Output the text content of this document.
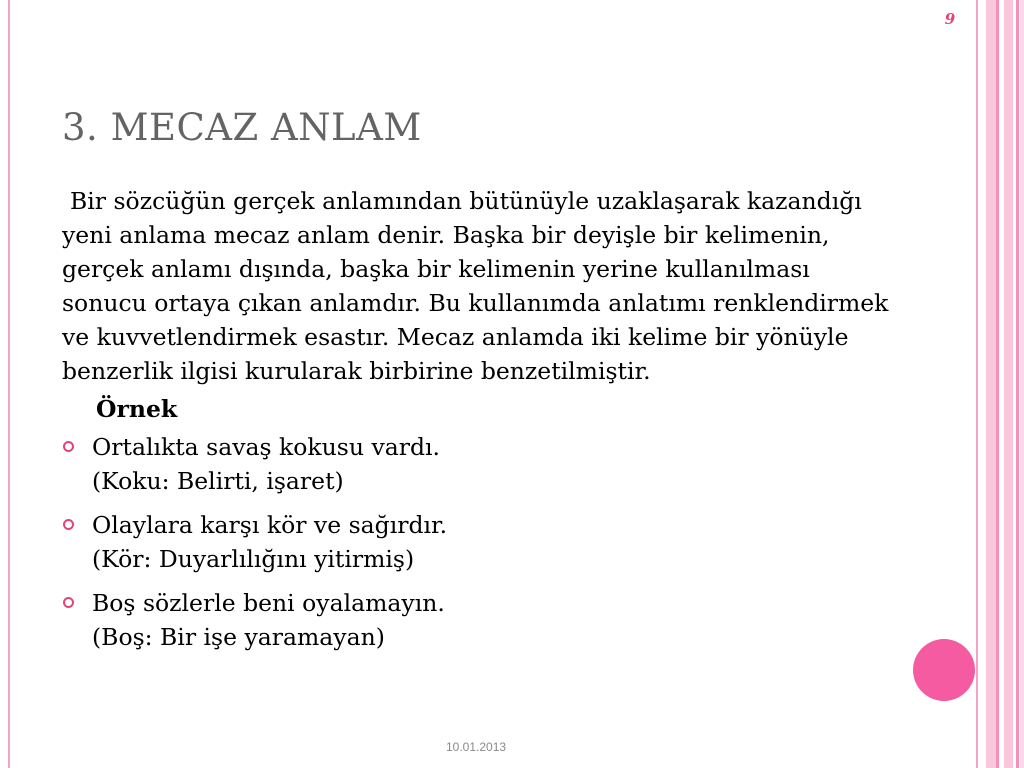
9
3. MECAZ ANLAM

Bir sözcüğün gerçek anlamından bütünüyle uzaklaşarak kazandığı yeni anlama mecaz anlam denir. Başka bir deyişle bir kelimenin, gerçek anlamı dışında, başka bir kelimenin yerine kullanılması sonucu ortaya çıkan anlamdır. Bu kullanımda anlatımı renklendirmek ve kuvvetlendirmek esastır. Mecaz anlamda iki kelime bir yönüyle benzerlik ilgisi kurularak birbirine benzetilmiştir.

Örnek

Ortalıkta savaş kokusu vardı.
(Koku: Belirti, işaret)
Olaylara karşı kör ve sağırdır.
(Kör: Duyarlılığını yitirmiş)
Boş sözlerle beni oyalamayın.
(Boş: Bir işe yaramayan)
10.01.2013
